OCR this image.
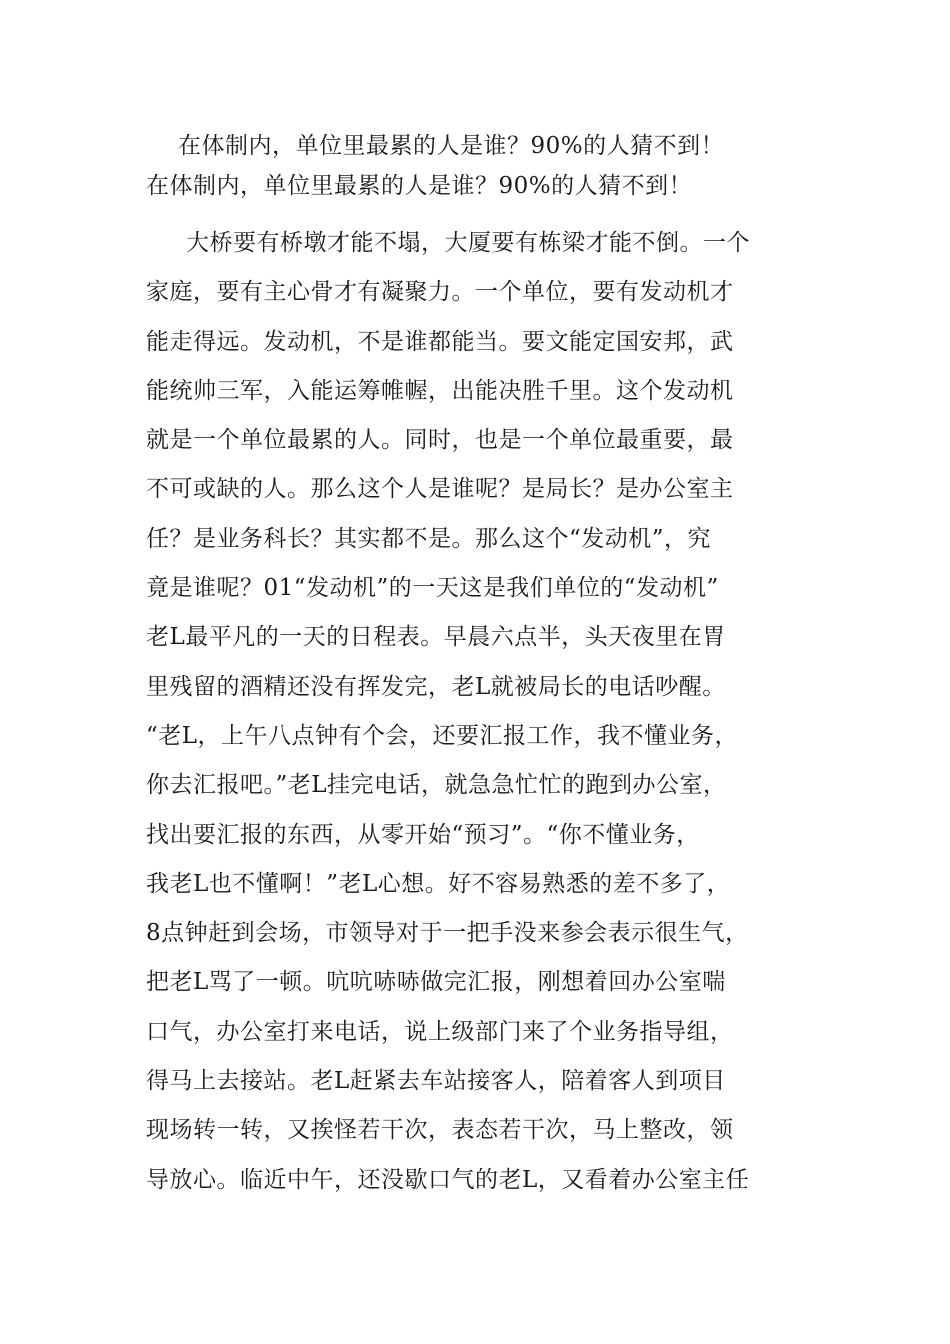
在体制内，单位里最累的人是谁？90%的人猜不到！
在体制内，单位里最累的人是谁？90%的人猜不到！
大桥要有桥墩才能不塌，大厦要有栋梁才能不倒。一个
家庭，要有主心骨才有凝聚力。一个单位，要有发动机才
能走得远。发动机，不是谁都能当。要文能定国安邦，武
能统帅三军，入能运筹帷幄，出能决胜千里。这个发动机
就是一个单位最累的人。同时，也是一个单位最重要，最
不可或缺的人。那么这个人是谁呢？是局长？是办公室主
任？是业务科长？其实都不是。那么这个“发动机”，究
竟是谁呢？01“发动机”的一天这是我们单位的“发动机”
老L最平凡的一天的日程表。早晨六点半，头天夜里在胃
里残留的酒精还没有挥发完，老L就被局长的电话吵醒。
“老L，上午八点钟有个会，还要汇报工作，我不懂业务，
你去汇报吧。”老L挂完电话，就急急忙忙的跑到办公室，
找出要汇报的东西，从零开始“预习”。“你不懂业务，
我老L也不懂啊！”老L心想。好不容易熟悉的差不多了，
8点钟赶到会场，市领导对于一把手没来参会表示很生气，
把老L骂了一顿。吭吭哧哧做完汇报，刚想着回办公室喘
口气，办公室打来电话，说上级部门来了个业务指导组，
得马上去接站。老L赶紧去车站接客人，陪着客人到项目
现场转一转，又挨怪若干次，表态若干次，马上整改，领
导放心。临近中午，还没歇口气的老L，又看着办公室主任
